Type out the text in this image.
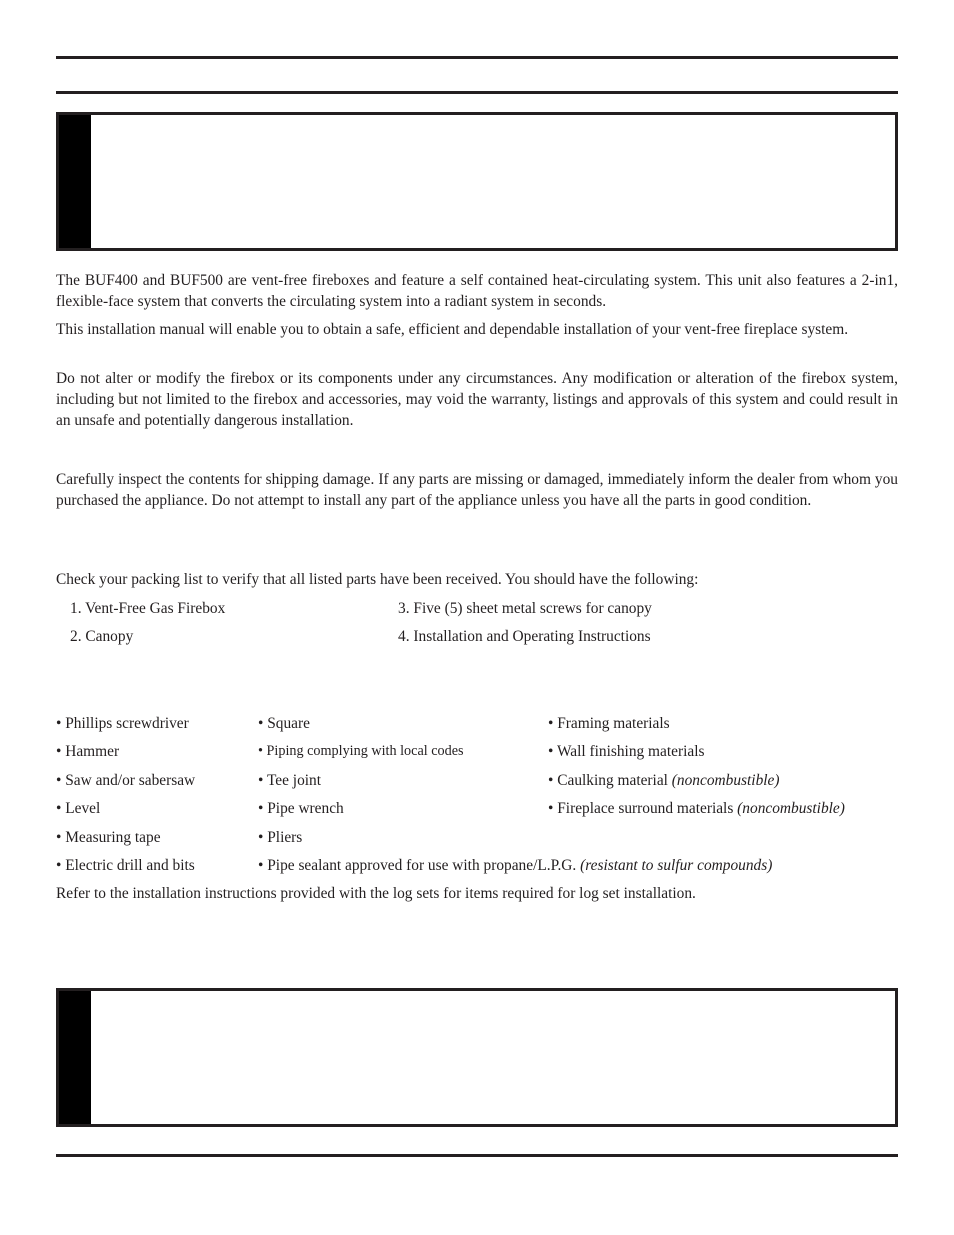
The BUF400 and BUF500 are vent-free fireboxes and feature a self contained heat-circulating system. This unit also features a 2-in1, flexible-face system that converts the circulating system into a radiant system in seconds.

This installation manual will enable you to obtain a safe, efficient and dependable installation of your vent-free fireplace system.

Do not alter or modify the firebox or its components under any circumstances. Any modification or alteration of the firebox system, including but not limited to the firebox and accessories, may void the warranty, listings and approvals of this system and could result in an unsafe and potentially dangerous installation.

Carefully inspect the contents for shipping damage. If any parts are missing or damaged, immediately inform the dealer from whom you purchased the appliance. Do not attempt to install any part of the appliance unless you have all the parts in good condition.

Check your packing list to verify that all listed parts have been received. You should have the following:

1. Vent-Free Gas Firebox

2. Canopy

3. Five (5) sheet metal screws for canopy

4. Installation and Operating Instructions

• Phillips screwdriver

• Hammer

• Saw and/or sabersaw

• Level

• Measuring tape

• Electric drill and bits

• Square

• Piping complying with local codes

• Tee joint

• Pipe wrench

• Pliers

• Pipe sealant approved for use with propane/L.P.G. (resistant to sulfur compounds)

• Framing materials

• Wall finishing materials

• Caulking material (noncombustible)

• Fireplace surround materials (noncombustible)

Refer to the installation instructions provided with the log sets for items required for log set installation.
